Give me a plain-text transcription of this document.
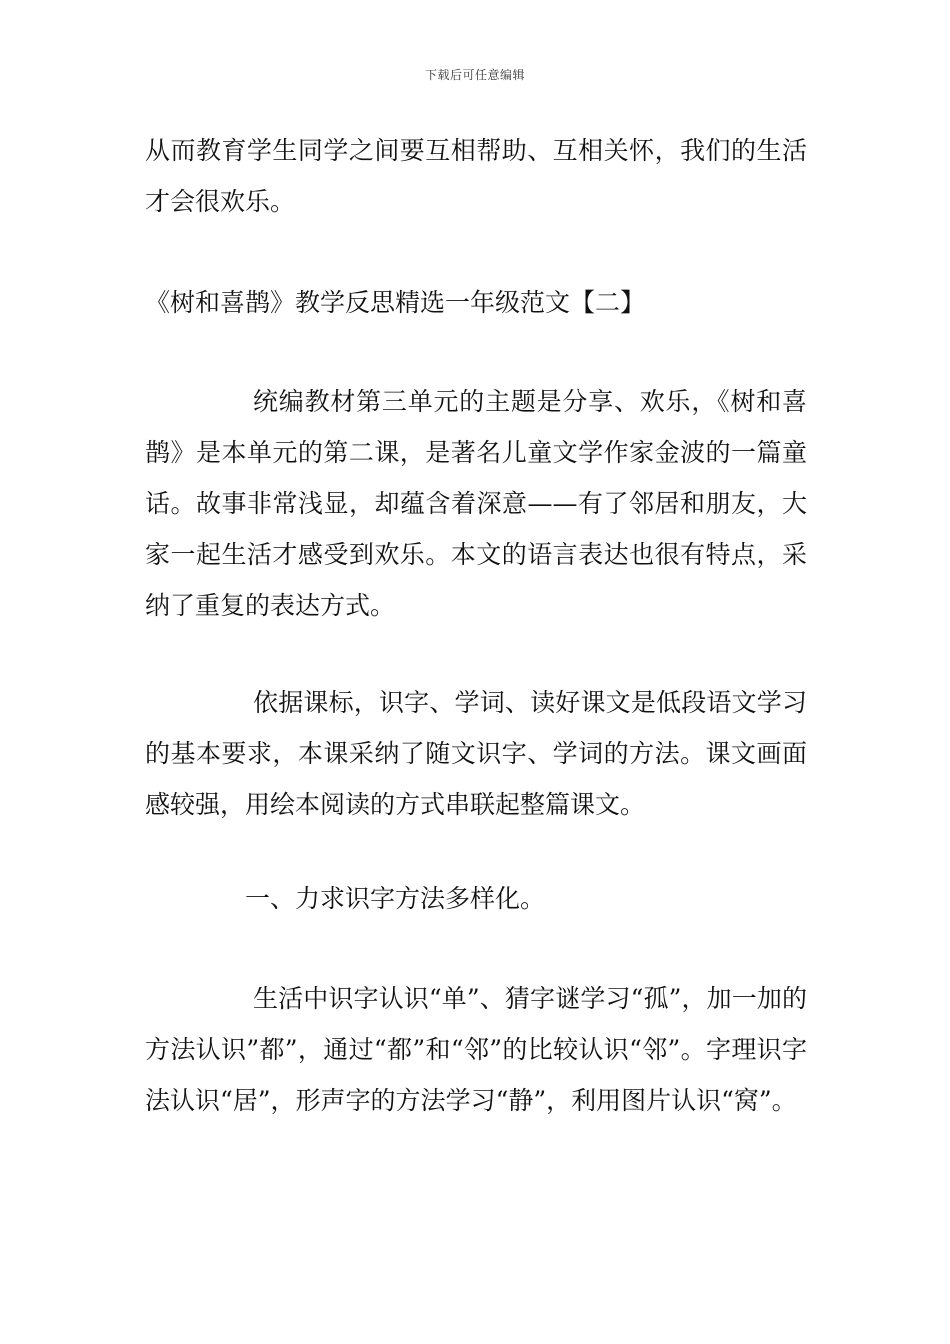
下载后可任意编辑
从而教育学生同学之间要互相帮助、互相关怀，我们的生活才会很欢乐。
《树和喜鹊》教学反思精选一年级范文【二】
统编教材第三单元的主题是分享、欢乐，《树和喜鹊》是本单元的第二课，是著名儿童文学作家金波的一篇童话。故事非常浅显，却蕴含着深意——有了邻居和朋友，大家一起生活才感受到欢乐。本文的语言表达也很有特点，采纳了重复的表达方式。
依据课标，识字、学词、读好课文是低段语文学习的基本要求，本课采纳了随文识字、学词的方法。课文画面感较强，用绘本阅读的方式串联起整篇课文。
一、力求识字方法多样化。
生活中识字认识“单”、猜字谜学习“孤”，加一加的方法认识”都”，通过“都”和“邻”的比较认识“邻”。字理识字法认识“居”，形声字的方法学习“静”，利用图片认识“窝”。
